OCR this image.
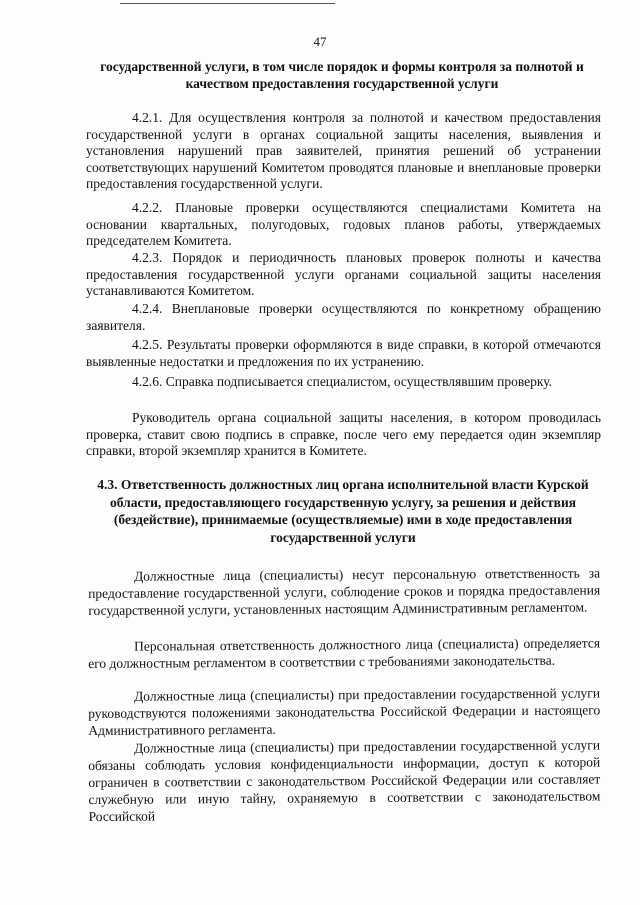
47
государственной услуги, в том числе порядок и формы контроля за полнотой и качеством предоставления государственной услуги
4.2.1. Для осуществления контроля за полнотой и качеством предоставления государственной услуги в органах социальной защиты населения, выявления и установления нарушений прав заявителей, принятия решений об устранении соответствующих нарушений Комитетом проводятся плановые и внеплановые проверки предоставления государственной услуги.
4.2.2. Плановые проверки осуществляются специалистами Комитета на основании квартальных, полугодовых, годовых планов работы, утверждаемых председателем Комитета.
4.2.3. Порядок и периодичность плановых проверок полноты и качества предоставления государственной услуги органами социальной защиты населения устанавливаются Комитетом.
4.2.4. Внеплановые проверки осуществляются по конкретному обращению заявителя.
4.2.5. Результаты проверки оформляются в виде справки, в которой отмечаются выявленные недостатки и предложения по их устранению.
4.2.6. Справка подписывается специалистом, осуществлявшим проверку.
Руководитель органа социальной защиты населения, в котором проводилась проверка, ставит свою подпись в справке, после чего ему передается один экземпляр справки, второй экземпляр хранится в Комитете.
4.3. Ответственность должностных лиц органа исполнительной власти Курской области, предоставляющего государственную услугу, за решения и действия (бездействие), принимаемые (осуществляемые) ими в ходе предоставления государственной услуги
Должностные лица (специалисты) несут персональную ответственность за предоставление государственной услуги, соблюдение сроков и порядка предоставления государственной услуги, установленных настоящим Административным регламентом.
Персональная ответственность должностного лица (специалиста) определяется его должностным регламентом в соответствии с требованиями законодательства.
Должностные лица (специалисты) при предоставлении государственной услуги руководствуются положениями законодательства Российской Федерации и настоящего Административного регламента.
Должностные лица (специалисты) при предоставлении государственной услуги обязаны соблюдать условия конфиденциальности информации, доступ к которой ограничен в соответствии с законодательством Российской Федерации или составляет служебную или иную тайну, охраняемую в соответствии с законодательством Российской
